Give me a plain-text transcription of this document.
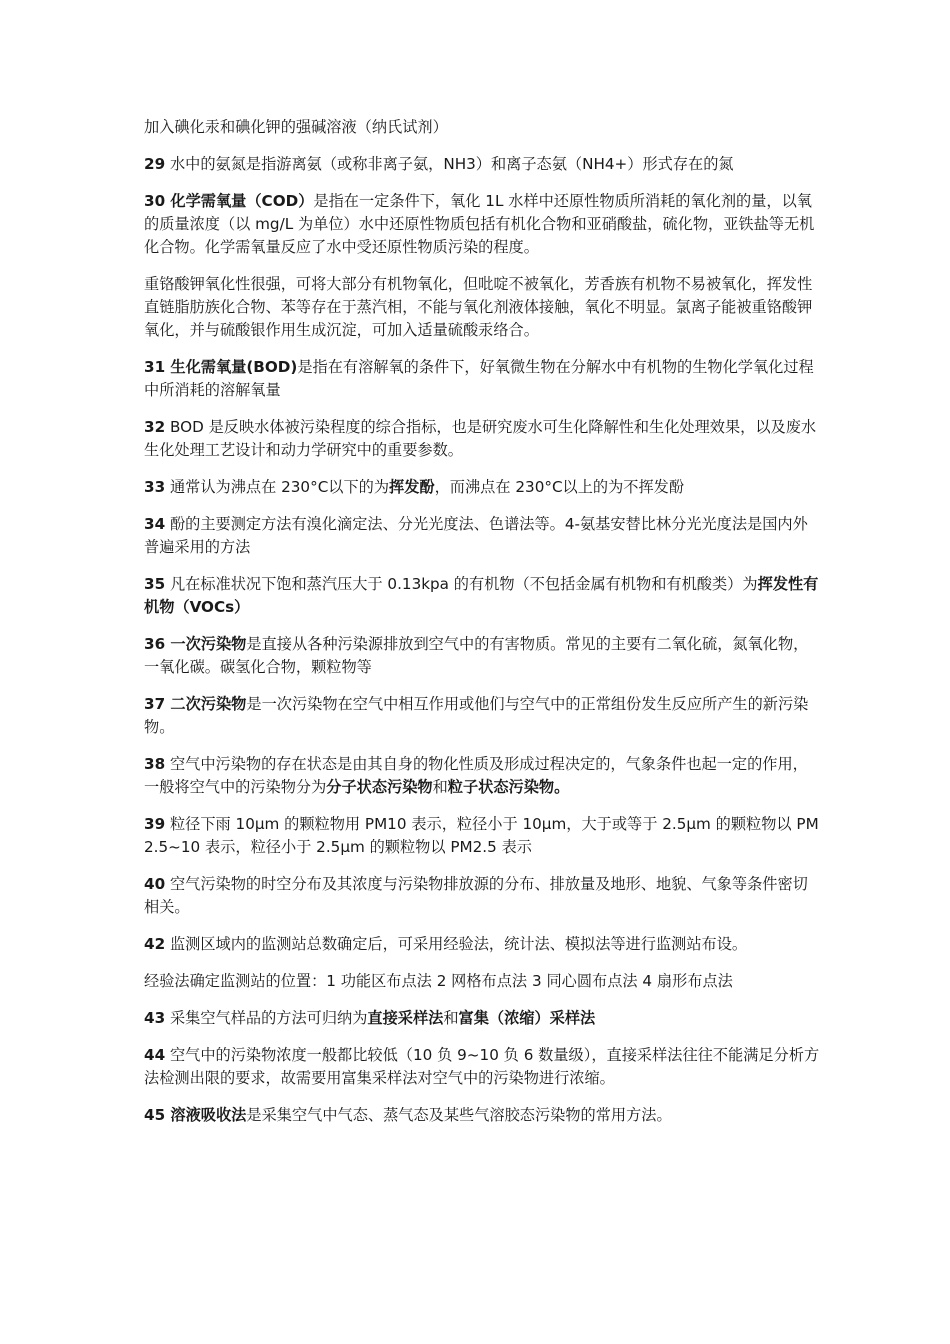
加入碘化汞和碘化钾的强碱溶液（纳氏试剂）

29 水中的氨氮是指游离氨（或称非离子氨，NH3）和离子态氨（NH4+）形式存在的氮

30 化学需氧量（COD）是指在一定条件下，氧化 1L 水样中还原性物质所消耗的氧化剂的量，以氧的质量浓度（以 mg/L 为单位）水中还原性物质包括有机化合物和亚硝酸盐，硫化物，亚铁盐等无机化合物。化学需氧量反应了水中受还原性物质污染的程度。

重铬酸钾氧化性很强，可将大部分有机物氧化，但吡啶不被氧化，芳香族有机物不易被氧化，挥发性直链脂肪族化合物、苯等存在于蒸汽相，不能与氧化剂液体接触，氧化不明显。氯离子能被重铬酸钾氧化，并与硫酸银作用生成沉淀，可加入适量硫酸汞络合。

31 生化需氧量(BOD)是指在有溶解氧的条件下，好氧微生物在分解水中有机物的生物化学氧化过程中所消耗的溶解氧量

32 BOD 是反映水体被污染程度的综合指标，也是研究废水可生化降解性和生化处理效果，以及废水生化处理工艺设计和动力学研究中的重要参数。

33 通常认为沸点在 230°C以下的为挥发酚，而沸点在 230°C以上的为不挥发酚

34 酚的主要测定方法有溴化滴定法、分光光度法、色谱法等。4-氨基安替比林分光光度法是国内外普遍采用的方法

35 凡在标准状况下饱和蒸汽压大于 0.13kpa 的有机物（不包括金属有机物和有机酸类）为挥发性有机物（VOCs）

36 一次污染物是直接从各种污染源排放到空气中的有害物质。常见的主要有二氧化硫，氮氧化物，一氧化碳。碳氢化合物，颗粒物等

37 二次污染物是一次污染物在空气中相互作用或他们与空气中的正常组份发生反应所产生的新污染物。

38 空气中污染物的存在状态是由其自身的物化性质及形成过程决定的，气象条件也起一定的作用，一般将空气中的污染物分为分子状态污染物和粒子状态污染物。

39 粒径下雨 10μm 的颗粒物用 PM10 表示，粒径小于 10μm，大于或等于 2.5μm 的颗粒物以 PM2.5~10 表示，粒径小于 2.5μm 的颗粒物以 PM2.5 表示

40 空气污染物的时空分布及其浓度与污染物排放源的分布、排放量及地形、地貌、气象等条件密切相关。

42 监测区域内的监测站总数确定后，可采用经验法，统计法、模拟法等进行监测站布设。

经验法确定监测站的位置：1 功能区布点法 2 网格布点法 3 同心圆布点法 4 扇形布点法

43 采集空气样品的方法可归纳为直接采样法和富集（浓缩）采样法

44 空气中的污染物浓度一般都比较低（10 负 9~10 负 6 数量级），直接采样法往往不能满足分析方法检测出限的要求，故需要用富集采样法对空气中的污染物进行浓缩。

45 溶液吸收法是采集空气中气态、蒸气态及某些气溶胶态污染物的常用方法。
